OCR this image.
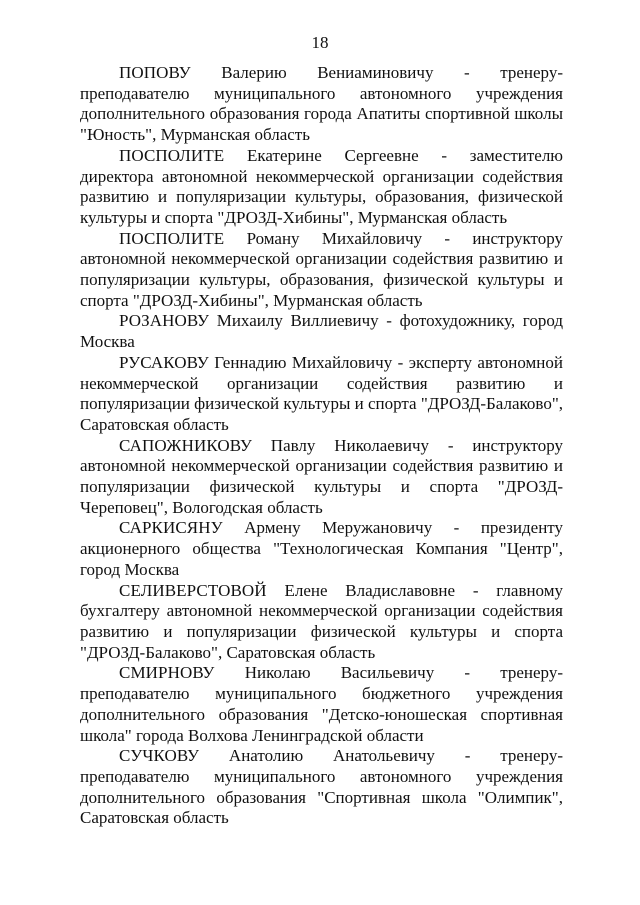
18

ПОПОВУ Валерию Вениаминовичу - тренеру-преподавателю муниципального автономного учреждения дополнительного образования города Апатиты спортивной школы "Юность", Мурманская область

ПОСПОЛИТЕ Екатерине Сергеевне - заместителю директора автономной некоммерческой организации содействия развитию и популяризации культуры, образования, физической культуры и спорта "ДРОЗД-Хибины", Мурманская область

ПОСПОЛИТЕ Роману Михайловичу - инструктору автономной некоммерческой организации содействия развитию и популяризации культуры, образования, физической культуры и спорта "ДРОЗД-Хибины", Мурманская область

РОЗАНОВУ Михаилу Виллиевичу - фотохудожнику, город Москва

РУСАКОВУ Геннадию Михайловичу - эксперту автономной некоммерческой организации содействия развитию и популяризации физической культуры и спорта "ДРОЗД-Балаково", Саратовская область

САПОЖНИКОВУ Павлу Николаевичу - инструктору автономной некоммерческой организации содействия развитию и популяризации физической культуры и спорта "ДРОЗД-Череповец", Вологодская область

САРКИСЯНУ Армену Меружановичу - президенту акционерного общества "Технологическая Компания "Центр", город Москва

СЕЛИВЕРСТОВОЙ Елене Владиславовне - главному бухгалтеру автономной некоммерческой организации содействия развитию и популяризации физической культуры и спорта "ДРОЗД-Балаково", Саратовская область

СМИРНОВУ Николаю Васильевичу - тренеру-преподавателю муниципального бюджетного учреждения дополнительного образования "Детско-юношеская спортивная школа" города Волхова Ленинградской области

СУЧКОВУ Анатолию Анатольевичу - тренеру-преподавателю муниципального автономного учреждения дополнительного образования "Спортивная школа "Олимпик", Саратовская область
